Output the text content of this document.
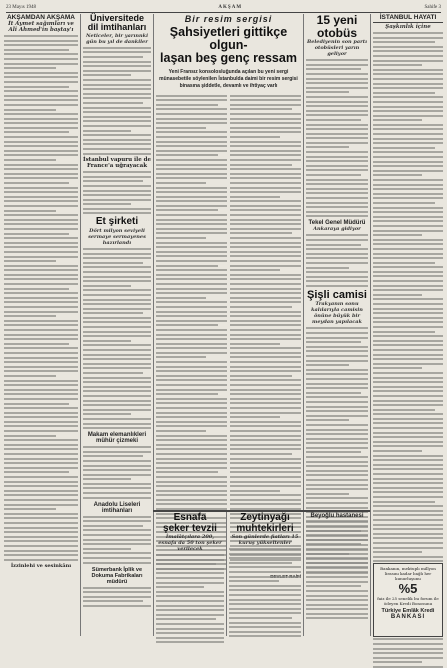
23 Mayıs 1948	AKŞAM	Sahife 3
AKŞAMDAN AKŞAMA
İt Aymet sağımları ve
Ali Ahmed'in baştaş'ı
İzzinlehi ve sesinkânı
Üniversitede
dil imtihanları
Neticeler, bir yarınnki gün bu yıl de dankiler
İstanbul vapuru ile de France'a uğrayacak
Et şirketi
Dört milyon seviyeli sermaye sermayenes hazırlandı
Makam elemanlıkleri
mühür çizmeki
Anadolu Liseleri
imtihanları
Sümerbank İplik ve
Dokuma Fabrikaları
müdürü
Bir resim sergisi
Şahsiyetleri gittikçe olgun-
laşan beş genç ressam
Yeni Fransız konsolosluğunda açılan bu yeni sergi münasebetile söylenilen İstanbulda daimi bir resim sergisi binasına şiddetle, devamlı ve ihtiyaç varlı
15 yeni
otobüs
Belediyenin son partı otobüsleri yarın geliyor
Tekel Genel Müdürü
Ankaraya gidiyor
Şişli camisi
Trakyanın sonu kalılarıyla camisin önüne büyük bir meydan yapılacak
Esnafa
şeker tevzii
İmalâtçılara 200, esnafa da 50 ton şeker verilecek
Zeytinyağı
muhtekirleri
Son günlerde fiatları 15 kuruş yükseltenler
Beyoğlu hastanesi
İSTANBUL HAYATI
Şaşkınlık içine
Bankanın, mektuplı millyon lirasını kadar bağlı her kunurluşunu
%5
faiz ile 25 senelik bu forum ile ödeyen Kredi Bonosunu
Türkiye Emlâk Kredi
BANKASI
